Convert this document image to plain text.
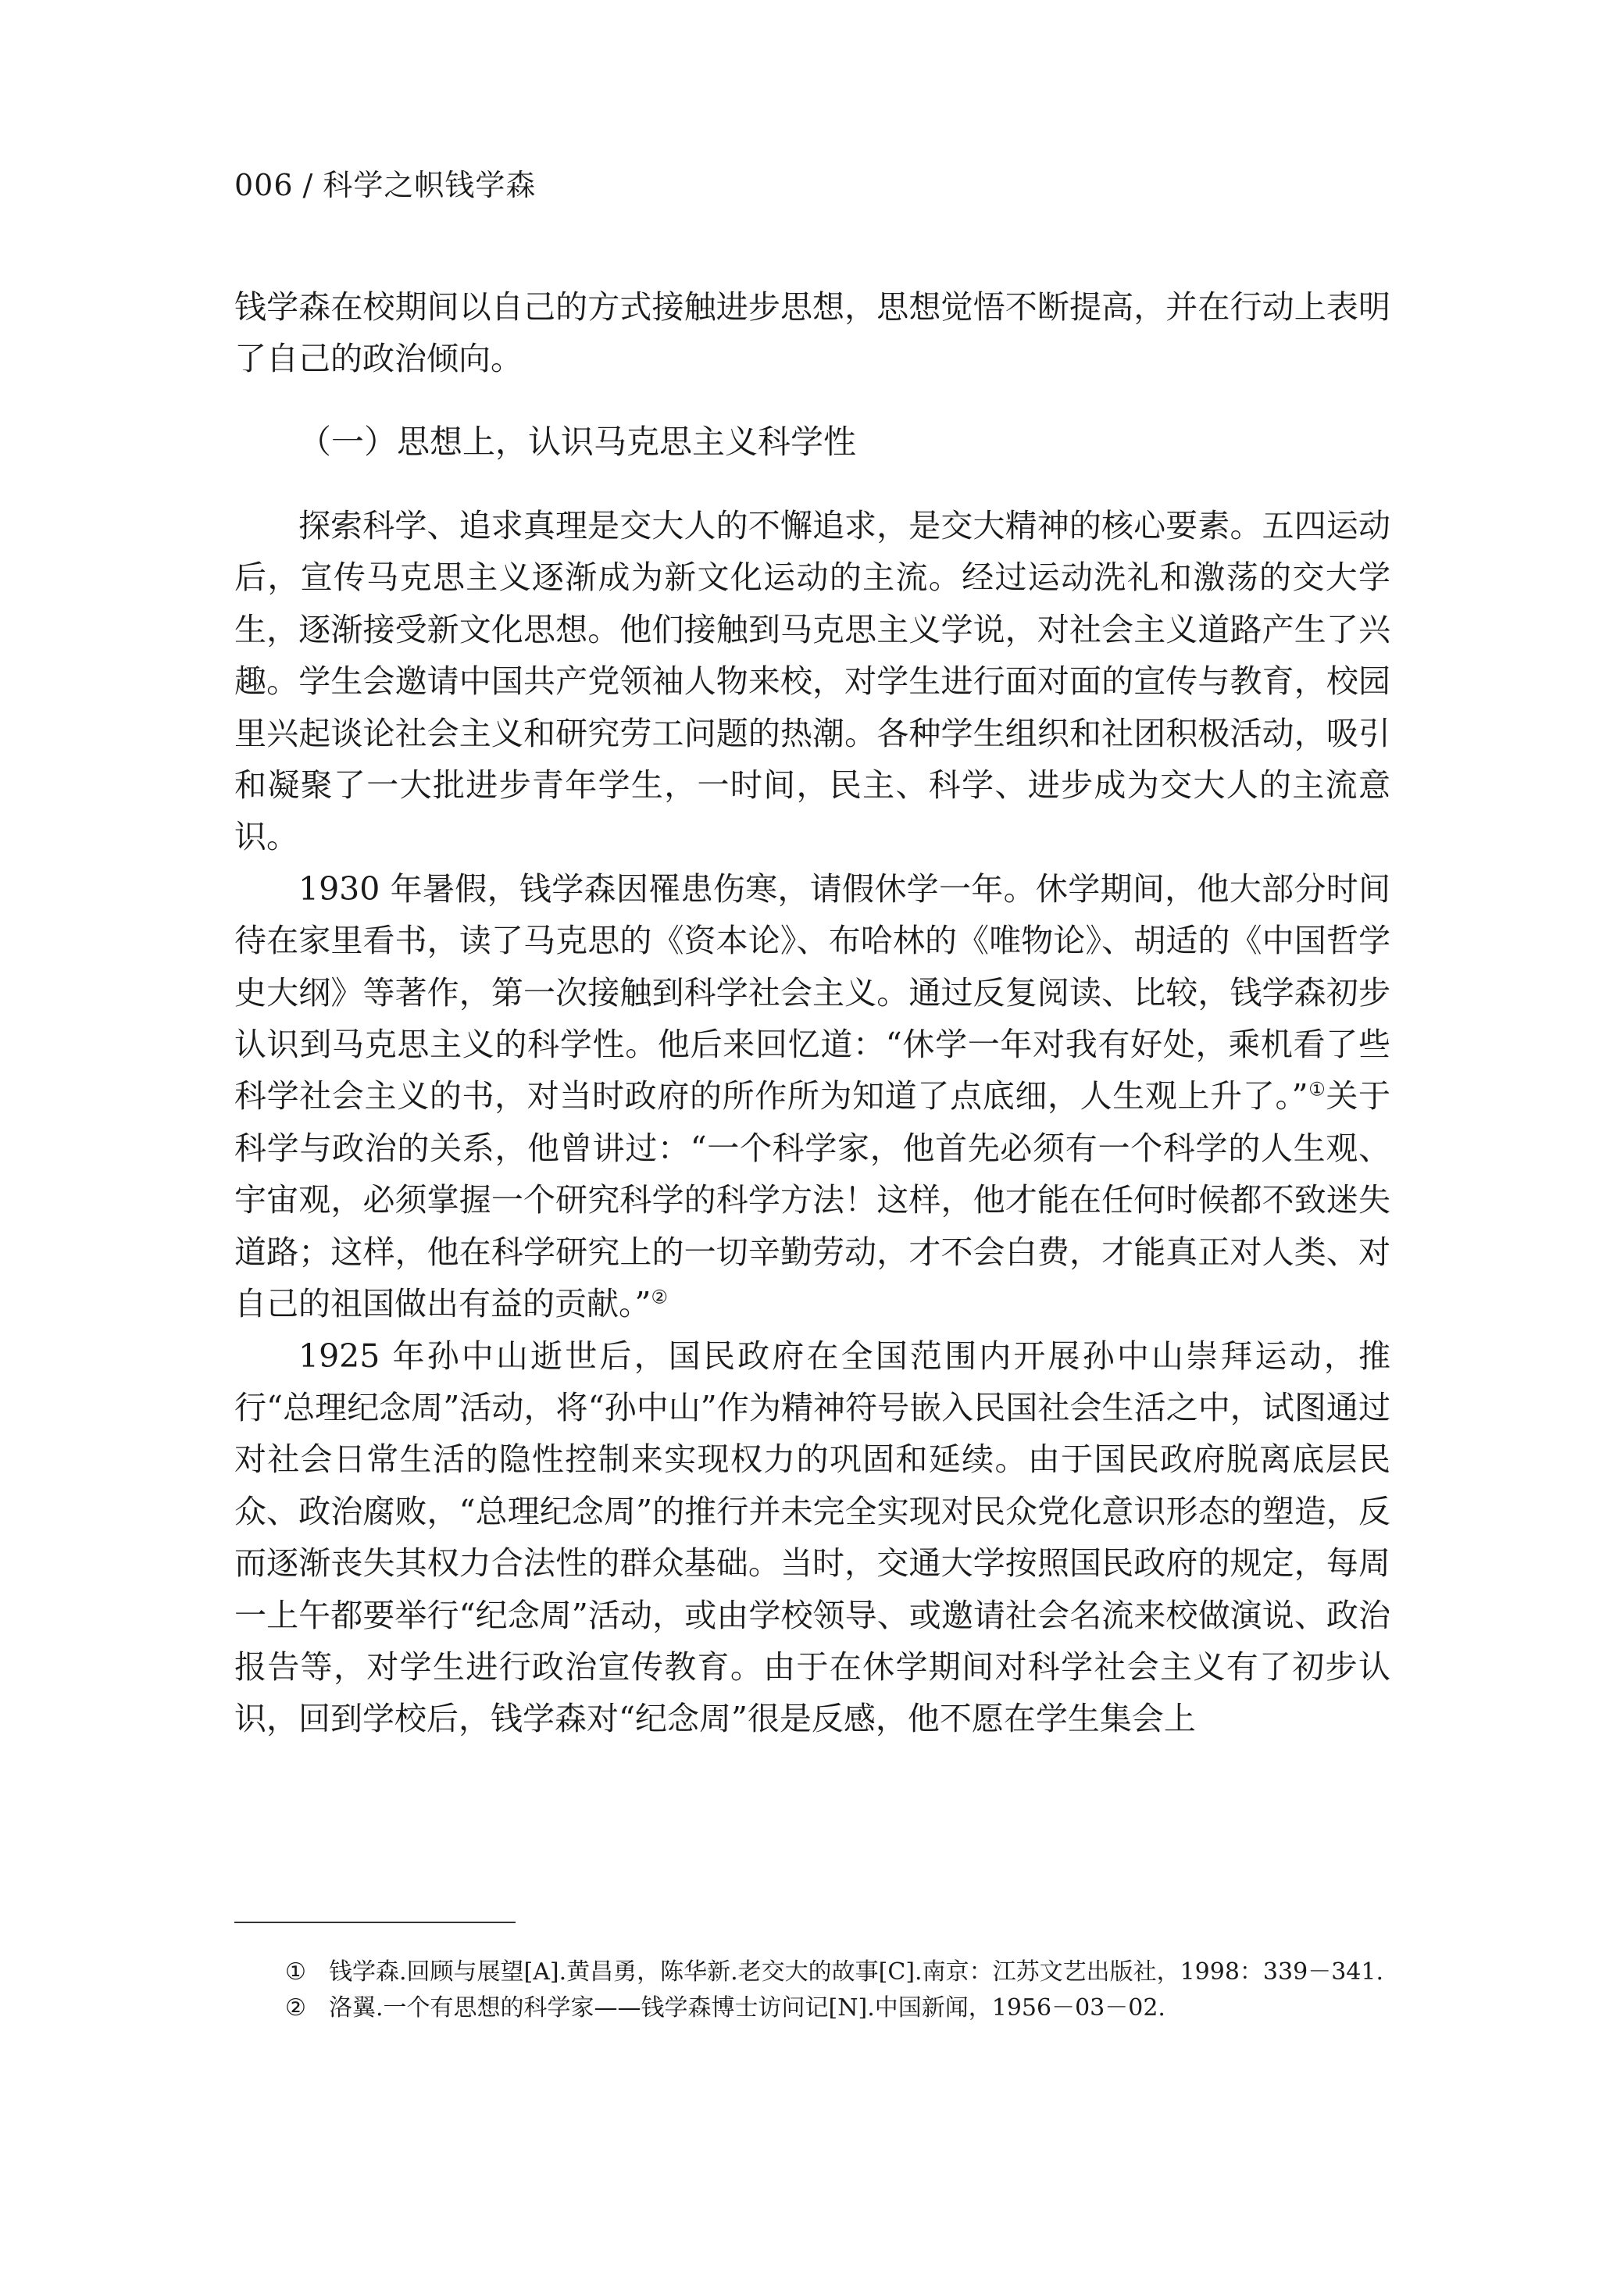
006 / 科学之帜钱学森

钱学森在校期间以自己的方式接触进步思想，思想觉悟不断提高，并在行动上表明了自己的政治倾向。

（一）思想上，认识马克思主义科学性

探索科学、追求真理是交大人的不懈追求，是交大精神的核心要素。五四运动后，宣传马克思主义逐渐成为新文化运动的主流。经过运动洗礼和激荡的交大学生，逐渐接受新文化思想。他们接触到马克思主义学说，对社会主义道路产生了兴趣。学生会邀请中国共产党领袖人物来校，对学生进行面对面的宣传与教育，校园里兴起谈论社会主义和研究劳工问题的热潮。各种学生组织和社团积极活动，吸引和凝聚了一大批进步青年学生，一时间，民主、科学、进步成为交大人的主流意识。

1930 年暑假，钱学森因罹患伤寒，请假休学一年。休学期间，他大部分时间待在家里看书，读了马克思的《资本论》、布哈林的《唯物论》、胡适的《中国哲学史大纲》等著作，第一次接触到科学社会主义。通过反复阅读、比较，钱学森初步认识到马克思主义的科学性。他后来回忆道：“休学一年对我有好处，乘机看了些科学社会主义的书，对当时政府的所作所为知道了点底细，人生观上升了。”①关于科学与政治的关系，他曾讲过：“一个科学家，他首先必须有一个科学的人生观、宇宙观，必须掌握一个研究科学的科学方法！这样，他才能在任何时候都不致迷失道路；这样，他在科学研究上的一切辛勤劳动，才不会白费，才能真正对人类、对自己的祖国做出有益的贡献。”②

1925 年孙中山逝世后，国民政府在全国范围内开展孙中山崇拜运动，推行“总理纪念周”活动，将“孙中山”作为精神符号嵌入民国社会生活之中，试图通过对社会日常生活的隐性控制来实现权力的巩固和延续。由于国民政府脱离底层民众、政治腐败，“总理纪念周”的推行并未完全实现对民众党化意识形态的塑造，反而逐渐丧失其权力合法性的群众基础。当时，交通大学按照国民政府的规定，每周一上午都要举行“纪念周”活动，或由学校领导、或邀请社会名流来校做演说、政治报告等，对学生进行政治宣传教育。由于在休学期间对科学社会主义有了初步认识，回到学校后，钱学森对“纪念周”很是反感，他不愿在学生集会上

① 钱学森.回顾与展望[A].黄昌勇，陈华新.老交大的故事[C].南京：江苏文艺出版社，1998：339－341.
② 洛翼.一个有思想的科学家——钱学森博士访问记[N].中国新闻，1956－03－02.
